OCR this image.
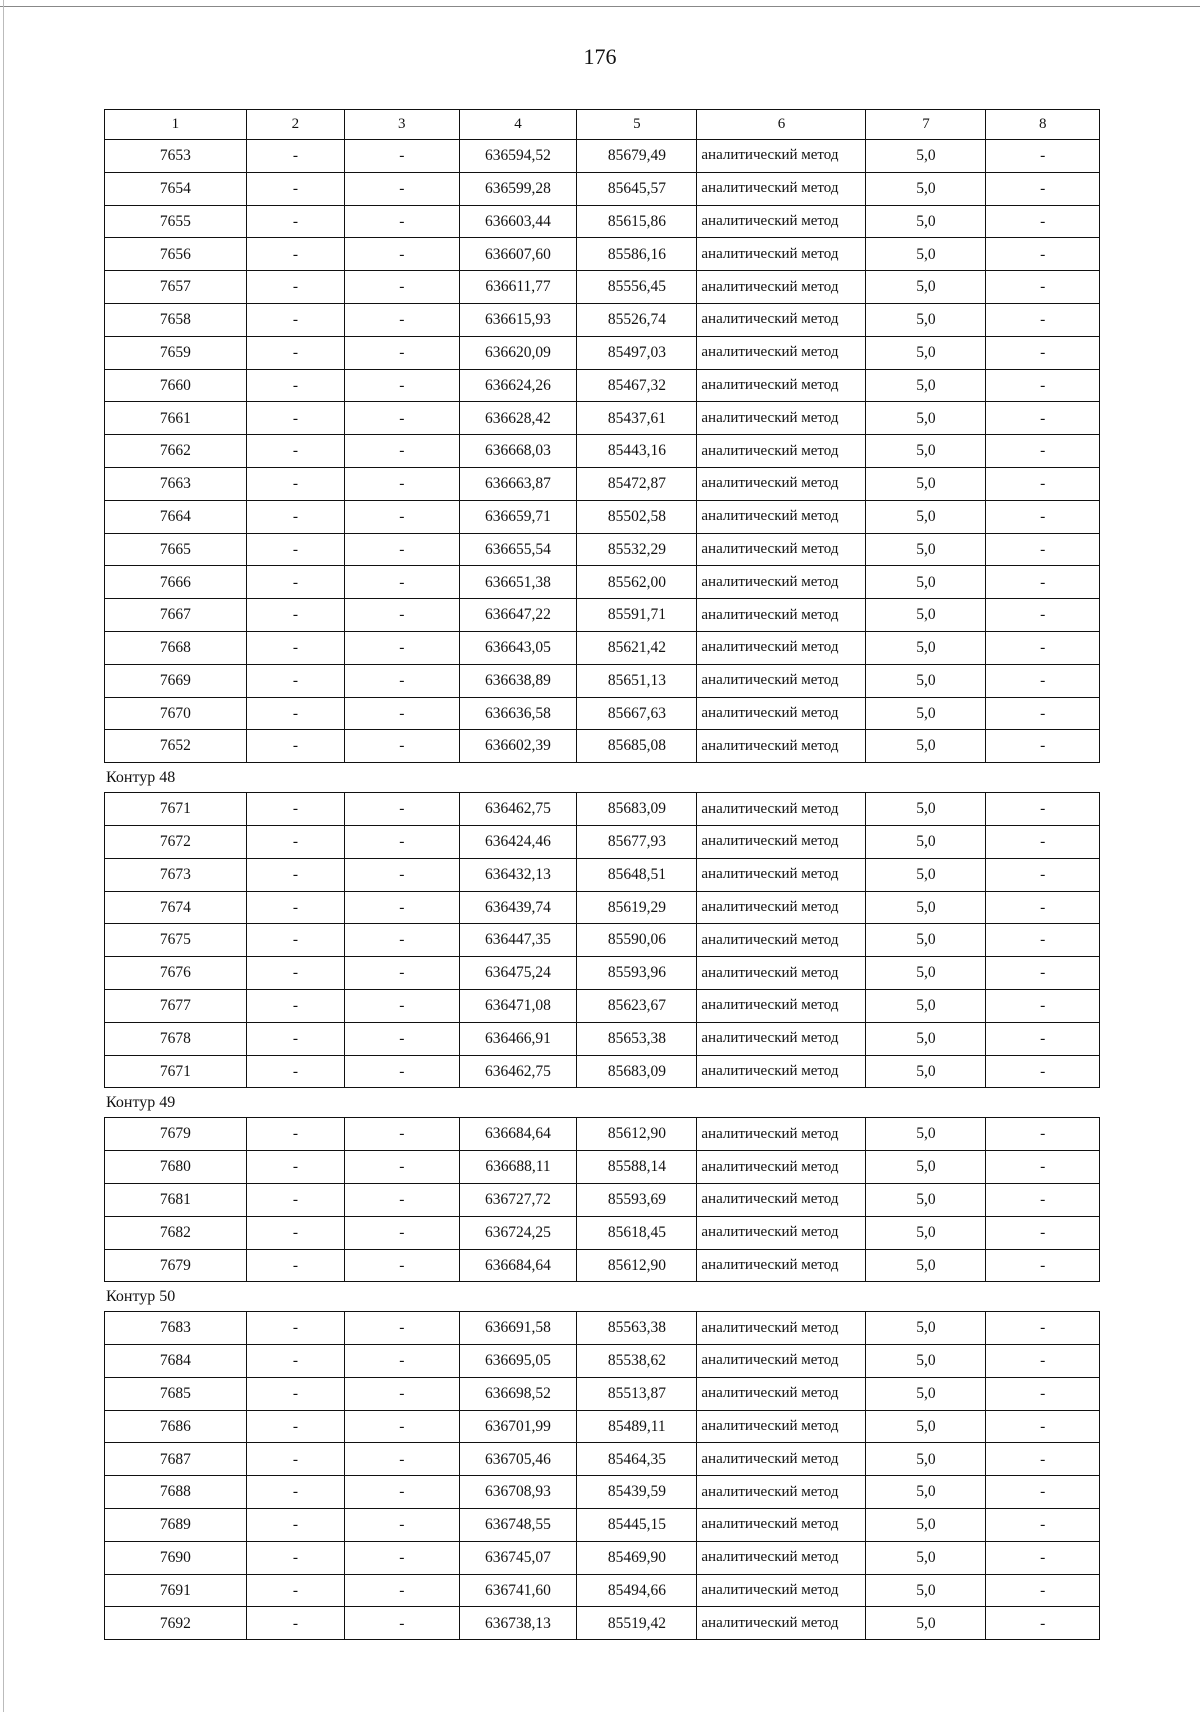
176
1	2	3	4	5	6	7	8
7653	-	-	636594,52	85679,49	аналитический метод	5,0	-
7654	-	-	636599,28	85645,57	аналитический метод	5,0	-
7655	-	-	636603,44	85615,86	аналитический метод	5,0	-
7656	-	-	636607,60	85586,16	аналитический метод	5,0	-
7657	-	-	636611,77	85556,45	аналитический метод	5,0	-
7658	-	-	636615,93	85526,74	аналитический метод	5,0	-
7659	-	-	636620,09	85497,03	аналитический метод	5,0	-
7660	-	-	636624,26	85467,32	аналитический метод	5,0	-
7661	-	-	636628,42	85437,61	аналитический метод	5,0	-
7662	-	-	636668,03	85443,16	аналитический метод	5,0	-
7663	-	-	636663,87	85472,87	аналитический метод	5,0	-
7664	-	-	636659,71	85502,58	аналитический метод	5,0	-
7665	-	-	636655,54	85532,29	аналитический метод	5,0	-
7666	-	-	636651,38	85562,00	аналитический метод	5,0	-
7667	-	-	636647,22	85591,71	аналитический метод	5,0	-
7668	-	-	636643,05	85621,42	аналитический метод	5,0	-
7669	-	-	636638,89	85651,13	аналитический метод	5,0	-
7670	-	-	636636,58	85667,63	аналитический метод	5,0	-
7652	-	-	636602,39	85685,08	аналитический метод	5,0	-
Контур 48
7671	-	-	636462,75	85683,09	аналитический метод	5,0	-
7672	-	-	636424,46	85677,93	аналитический метод	5,0	-
7673	-	-	636432,13	85648,51	аналитический метод	5,0	-
7674	-	-	636439,74	85619,29	аналитический метод	5,0	-
7675	-	-	636447,35	85590,06	аналитический метод	5,0	-
7676	-	-	636475,24	85593,96	аналитический метод	5,0	-
7677	-	-	636471,08	85623,67	аналитический метод	5,0	-
7678	-	-	636466,91	85653,38	аналитический метод	5,0	-
7671	-	-	636462,75	85683,09	аналитический метод	5,0	-
Контур 49
7679	-	-	636684,64	85612,90	аналитический метод	5,0	-
7680	-	-	636688,11	85588,14	аналитический метод	5,0	-
7681	-	-	636727,72	85593,69	аналитический метод	5,0	-
7682	-	-	636724,25	85618,45	аналитический метод	5,0	-
7679	-	-	636684,64	85612,90	аналитический метод	5,0	-
Контур 50
7683	-	-	636691,58	85563,38	аналитический метод	5,0	-
7684	-	-	636695,05	85538,62	аналитический метод	5,0	-
7685	-	-	636698,52	85513,87	аналитический метод	5,0	-
7686	-	-	636701,99	85489,11	аналитический метод	5,0	-
7687	-	-	636705,46	85464,35	аналитический метод	5,0	-
7688	-	-	636708,93	85439,59	аналитический метод	5,0	-
7689	-	-	636748,55	85445,15	аналитический метод	5,0	-
7690	-	-	636745,07	85469,90	аналитический метод	5,0	-
7691	-	-	636741,60	85494,66	аналитический метод	5,0	-
7692	-	-	636738,13	85519,42	аналитический метод	5,0	-
